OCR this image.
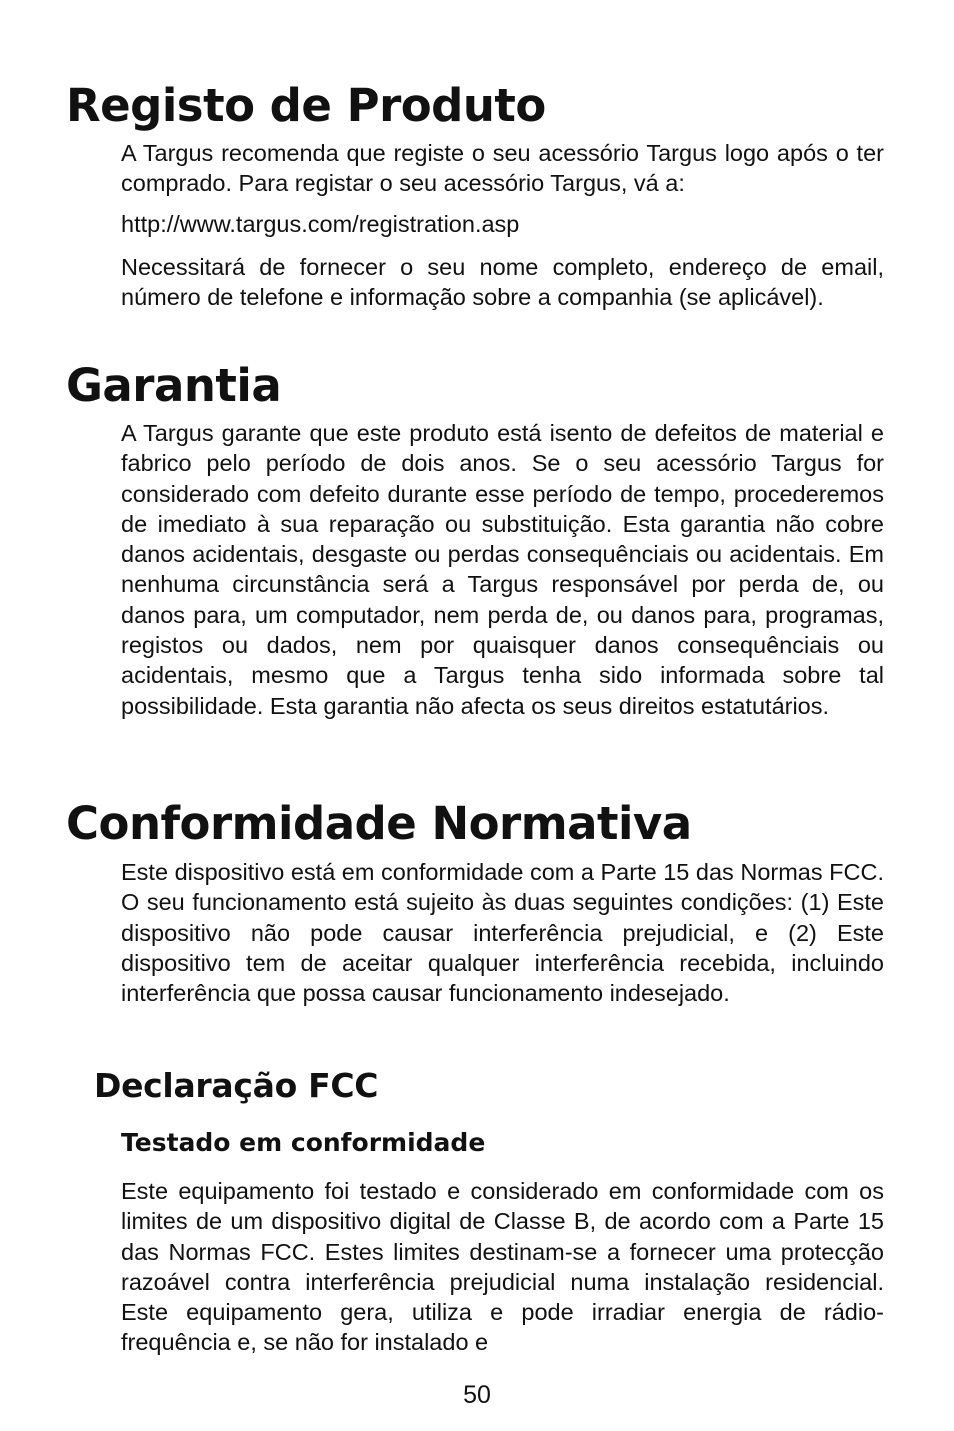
Registo de Produto

A Targus recomenda que registe o seu acessório Targus logo após o ter comprado. Para registar o seu acessório Targus, vá a:

http://www.targus.com/registration.asp

Necessitará de fornecer o seu nome completo, endereço de email, número de telefone e informação sobre a companhia (se aplicável).

Garantia

A Targus garante que este produto está isento de defeitos de material e fabrico pelo período de dois anos. Se o seu acessório Targus for considerado com defeito durante esse período de tempo, procederemos de imediato à sua reparação ou substituição. Esta garantia não cobre danos acidentais, desgaste ou perdas consequênciais ou acidentais. Em nenhuma circunstância será a Targus responsável por perda de, ou danos para, um computador, nem perda de, ou danos para, programas, registos ou dados, nem por quaisquer danos consequênciais ou acidentais, mesmo que a Targus tenha sido informada sobre tal possibilidade. Esta garantia não afecta os seus direitos estatutários.

Conformidade Normativa

Este dispositivo está em conformidade com a Parte 15 das Normas FCC. O seu funcionamento está sujeito às duas seguintes condições: (1) Este dispositivo não pode causar interferência prejudicial, e (2) Este dispositivo tem de aceitar qualquer interferência recebida, incluindo interferência que possa causar funcionamento indesejado.

Declaração FCC
Testado em conformidade

Este equipamento foi testado e considerado em conformidade com os limites de um dispositivo digital de Classe B, de acordo com a Parte 15 das Normas FCC. Estes limites destinam-se a fornecer uma protecção razoável contra interferência prejudicial numa instalação residencial. Este equipamento gera, utiliza e pode irradiar energia de rádio-frequência e, se não for instalado e

50
